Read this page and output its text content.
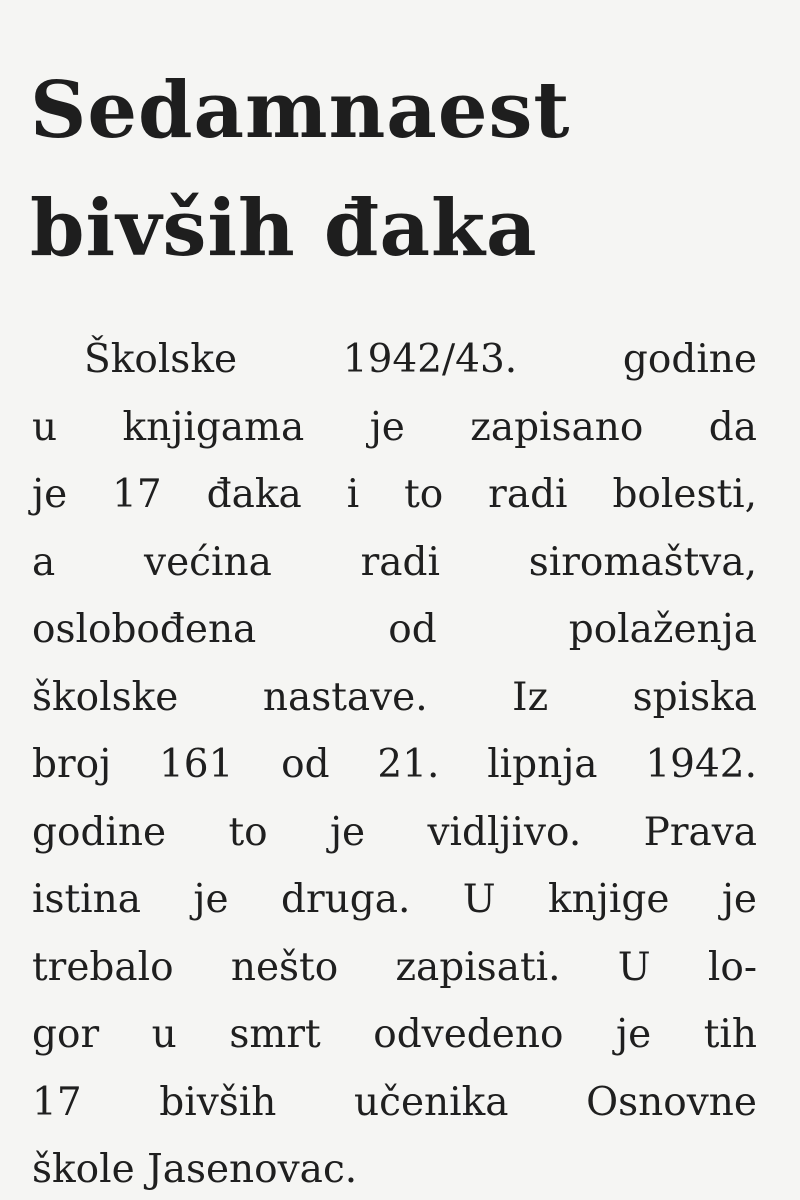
Sedamnaest
bivših đaka
Školske 1942/43. godine
u knjigama je zapisano da
je 17 đaka i to radi bolesti,
a većina radi siromaštva,
oslobođena od polaženja
školske nastave. Iz spiska
broj 161 od 21. lipnja 1942.
godine to je vidljivo. Prava
istina je druga. U knjige je
trebalo nešto zapisati. U lo-
gor u smrt odvedeno je tih
17 bivših učenika Osnovne
škole Jasenovac.
